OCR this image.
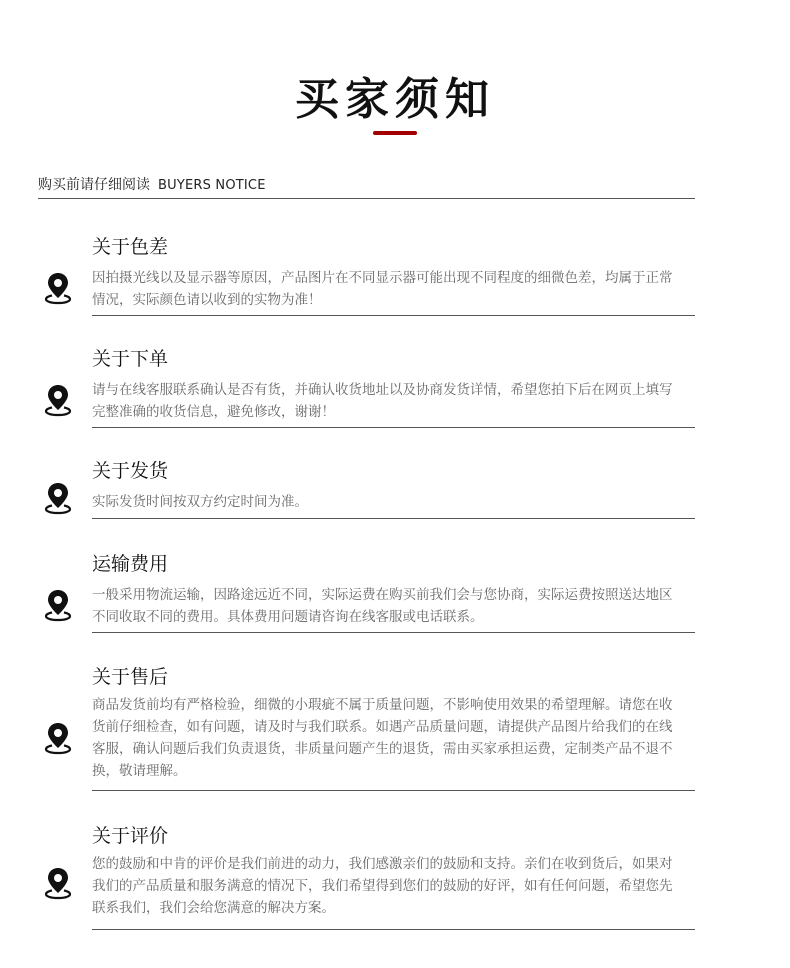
买家须知
购买前请仔细阅读 BUYERS NOTICE
关于色差
因拍摄光线以及显示器等原因，产品图片在不同显示器可能出现不同程度的细微色差，均属于正常情况，实际颜色请以收到的实物为准！
关于下单
请与在线客服联系确认是否有货，并确认收货地址以及协商发货详情，希望您拍下后在网页上填写完整准确的收货信息，避免修改，谢谢！
关于发货
实际发货时间按双方约定时间为准。
运输费用
一般采用物流运输，因路途远近不同，实际运费在购买前我们会与您协商，实际运费按照送达地区不同收取不同的费用。具体费用问题请咨询在线客服或电话联系。
关于售后
商品发货前均有严格检验，细微的小瑕疵不属于质量问题，不影响使用效果的希望理解。请您在收货前仔细检查，如有问题，请及时与我们联系。如遇产品质量问题，请提供产品图片给我们的在线客服，确认问题后我们负责退货，非质量问题产生的退货，需由买家承担运费，定制类产品不退不换，敬请理解。
关于评价
您的鼓励和中肯的评价是我们前进的动力，我们感激亲们的鼓励和支持。亲们在收到货后，如果对我们的产品质量和服务满意的情况下，我们希望得到您们的鼓励的好评，如有任何问题，希望您先联系我们，我们会给您满意的解决方案。
